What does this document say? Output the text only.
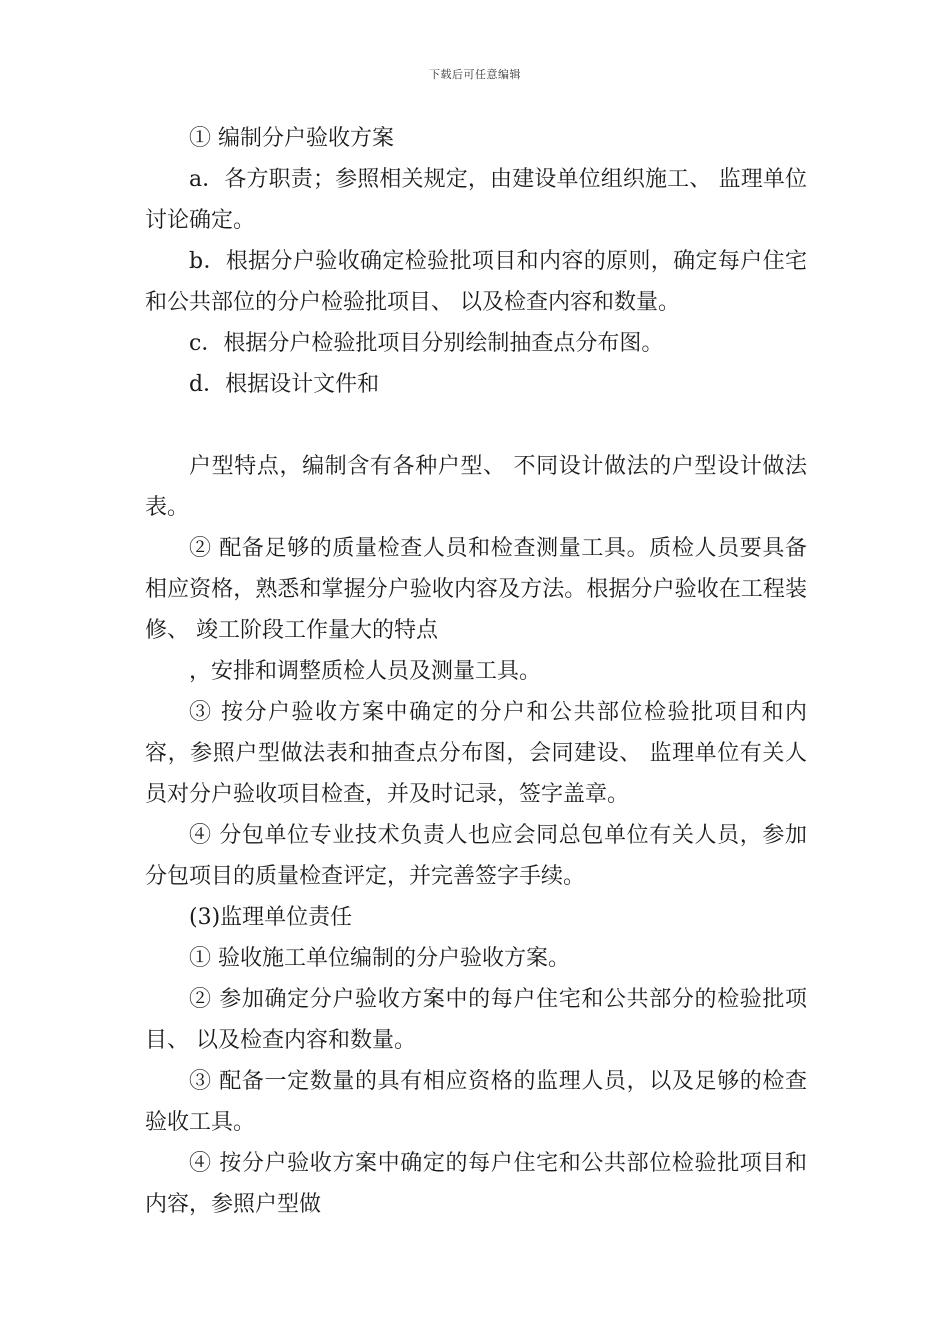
下载后可任意编辑

① 编制分户验收方案

a．各方职责；参照相关规定，由建设单位组织施工、 监理单位讨论确定。

b．根据分户验收确定检验批项目和内容的原则，确定每户住宅和公共部位的分户检验批项目、 以及检查内容和数量。

c．根据分户检验批项目分别绘制抽查点分布图。

d．根据设计文件和

户型特点，编制含有各种户型、 不同设计做法的户型设计做法表。

② 配备足够的质量检查人员和检查测量工具。质检人员要具备相应资格，熟悉和掌握分户验收内容及方法。根据分户验收在工程装修、 竣工阶段工作量大的特点

，安排和调整质检人员及测量工具。

③ 按分户验收方案中确定的分户和公共部位检验批项目和内容，参照户型做法表和抽查点分布图，会同建设、 监理单位有关人员对分户验收项目检查，并及时记录，签字盖章。

④ 分包单位专业技术负责人也应会同总包单位有关人员，参加分包项目的质量检查评定，并完善签字手续。

(3)监理单位责任

① 验收施工单位编制的分户验收方案。

② 参加确定分户验收方案中的每户住宅和公共部分的检验批项目、 以及检查内容和数量。

③ 配备一定数量的具有相应资格的监理人员，以及足够的检查验收工具。

④ 按分户验收方案中确定的每户住宅和公共部位检验批项目和内容，参照户型做
